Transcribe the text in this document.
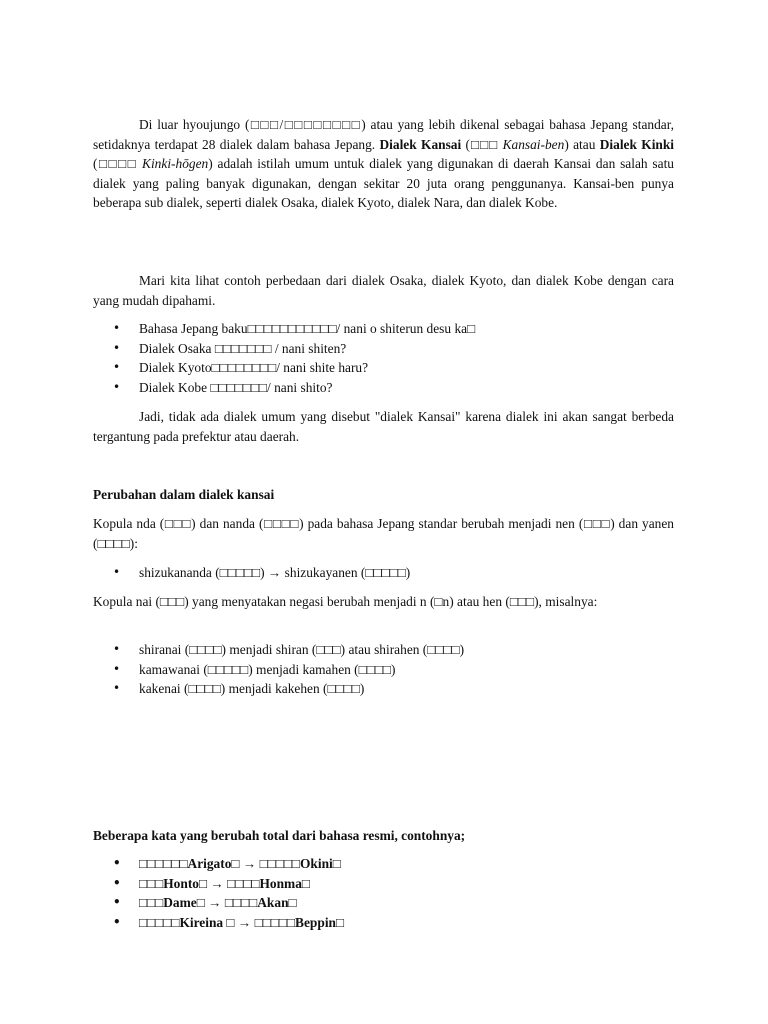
Di luar hyoujungo (□□□/□□□□□□□□) atau yang lebih dikenal sebagai bahasa Jepang standar, setidaknya terdapat 28 dialek dalam bahasa Jepang. Dialek Kansai (□□□ Kansai-ben) atau Dialek Kinki (□□□□ Kinki-hōgen) adalah istilah umum untuk dialek yang digunakan di daerah Kansai dan salah satu dialek yang paling banyak digunakan, dengan sekitar 20 juta orang penggunanya. Kansai-ben punya beberapa sub dialek, seperti dialek Osaka, dialek Kyoto, dialek Nara, dan dialek Kobe.

Mari kita lihat contoh perbedaan dari dialek Osaka, dialek Kyoto, dan dialek Kobe dengan cara yang mudah dipahami.

• Bahasa Jepang baku□□□□□□□□□□□/ nani o shiterun desu ka□
• Dialek Osaka □□□□□□□ / nani shiten?
• Dialek Kyoto□□□□□□□□/ nani shite haru?
• Dialek Kobe □□□□□□□/ nani shito?

Jadi, tidak ada dialek umum yang disebut "dialek Kansai" karena dialek ini akan sangat berbeda tergantung pada prefektur atau daerah.

Perubahan dalam dialek kansai

Kopula nda (□□□) dan nanda (□□□□) pada bahasa Jepang standar berubah menjadi nen (□□□) dan yanen (□□□□):

• shizukananda (□□□□□) → shizukayanen (□□□□□)

Kopula nai (□□□) yang menyatakan negasi berubah menjadi n (□n) atau hen (□□□), misalnya:

• shiranai (□□□□) menjadi shiran (□□□) atau shirahen (□□□□)
• kamawanai (□□□□□) menjadi kamahen (□□□□)
• kakenai (□□□□) menjadi kakehen (□□□□)

Beberapa kata yang berubah total dari bahasa resmi, contohnya;

• □□□□□□Arigato□ → □□□□□Okini□
• □□□Honto□ → □□□□Honma□
• □□□Dame□ → □□□□Akan□
• □□□□□Kireina □ → □□□□□Beppin□
